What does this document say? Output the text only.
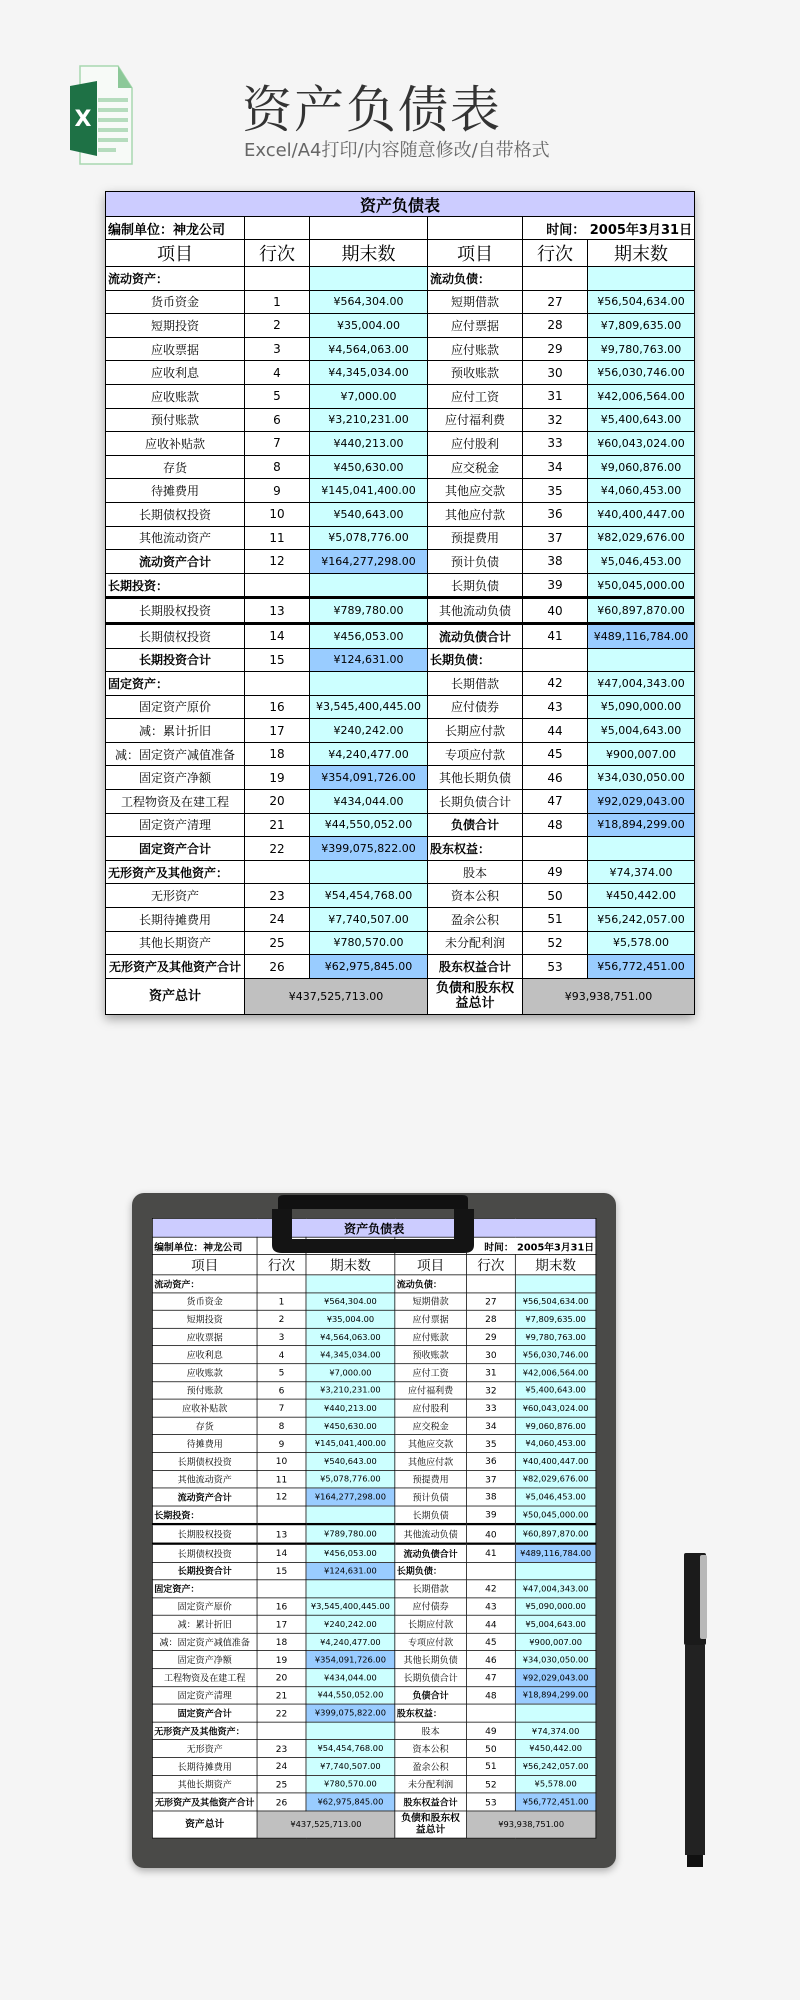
X	资产负债表
Excel/A4打印/内容随意修改/自带格式
资产负债表					
编制单位：神龙公司				时间： 2005年3月31日	
项目	行次	期末数	项目	行次	期末数
流动资产：			流动负债：		
货币资金	1	¥564,304.00	短期借款	27	¥56,504,634.00
短期投资	2	¥35,004.00	应付票据	28	¥7,809,635.00
应收票据	3	¥4,564,063.00	应付账款	29	¥9,780,763.00
应收利息	4	¥4,345,034.00	预收账款	30	¥56,030,746.00
应收账款	5	¥7,000.00	应付工资	31	¥42,006,564.00
预付账款	6	¥3,210,231.00	应付福利费	32	¥5,400,643.00
应收补贴款	7	¥440,213.00	应付股利	33	¥60,043,024.00
存货	8	¥450,630.00	应交税金	34	¥9,060,876.00
待摊费用	9	¥145,041,400.00	其他应交款	35	¥4,060,453.00
长期债权投资	10	¥540,643.00	其他应付款	36	¥40,400,447.00
其他流动资产	11	¥5,078,776.00	预提费用	37	¥82,029,676.00
流动资产合计	12	¥164,277,298.00	预计负债	38	¥5,046,453.00
长期投资：			长期负债	39	¥50,045,000.00
长期股权投资	13	¥789,780.00	其他流动负债	40	¥60,897,870.00
长期债权投资	14	¥456,053.00	流动负债合计	41	¥489,116,784.00
长期投资合计	15	¥124,631.00	长期负债：		
固定资产：			长期借款	42	¥47,004,343.00
固定资产原价	16	¥3,545,400,445.00	应付债券	43	¥5,090,000.00
减：累计折旧	17	¥240,242.00	长期应付款	44	¥5,004,643.00
减：固定资产减值准备	18	¥4,240,477.00	专项应付款	45	¥900,007.00
固定资产净额	19	¥354,091,726.00	其他长期负债	46	¥34,030,050.00
工程物资及在建工程	20	¥434,044.00	长期负债合计	47	¥92,029,043.00
固定资产清理	21	¥44,550,052.00	负债合计	48	¥18,894,299.00
固定资产合计	22	¥399,075,822.00	股东权益：		
无形资产及其他资产：			股本	49	¥74,374.00
无形资产	23	¥54,454,768.00	资本公积	50	¥450,442.00
长期待摊费用	24	¥7,740,507.00	盈余公积	51	¥56,242,057.00
其他长期资产	25	¥780,570.00	未分配利润	52	¥5,578.00
无形资产及其他资产合计	26	¥62,975,845.00	股东权益合计	53	¥56,772,451.00
资产总计	¥437,525,713.00		负债和股东权益总计	¥93,938,751.00	
资产负债表					
编制单位：神龙公司				时间： 2005年3月31日	
项目	行次	期末数	项目	行次	期末数
流动资产：			流动负债：		
货币资金	1	¥564,304.00	短期借款	27	¥56,504,634.00
短期投资	2	¥35,004.00	应付票据	28	¥7,809,635.00
应收票据	3	¥4,564,063.00	应付账款	29	¥9,780,763.00
应收利息	4	¥4,345,034.00	预收账款	30	¥56,030,746.00
应收账款	5	¥7,000.00	应付工资	31	¥42,006,564.00
预付账款	6	¥3,210,231.00	应付福利费	32	¥5,400,643.00
应收补贴款	7	¥440,213.00	应付股利	33	¥60,043,024.00
存货	8	¥450,630.00	应交税金	34	¥9,060,876.00
待摊费用	9	¥145,041,400.00	其他应交款	35	¥4,060,453.00
长期债权投资	10	¥540,643.00	其他应付款	36	¥40,400,447.00
其他流动资产	11	¥5,078,776.00	预提费用	37	¥82,029,676.00
流动资产合计	12	¥164,277,298.00	预计负债	38	¥5,046,453.00
长期投资：			长期负债	39	¥50,045,000.00
长期股权投资	13	¥789,780.00	其他流动负债	40	¥60,897,870.00
长期债权投资	14	¥456,053.00	流动负债合计	41	¥489,116,784.00
长期投资合计	15	¥124,631.00	长期负债：		
固定资产：			长期借款	42	¥47,004,343.00
固定资产原价	16	¥3,545,400,445.00	应付债券	43	¥5,090,000.00
减：累计折旧	17	¥240,242.00	长期应付款	44	¥5,004,643.00
减：固定资产减值准备	18	¥4,240,477.00	专项应付款	45	¥900,007.00
固定资产净额	19	¥354,091,726.00	其他长期负债	46	¥34,030,050.00
工程物资及在建工程	20	¥434,044.00	长期负债合计	47	¥92,029,043.00
固定资产清理	21	¥44,550,052.00	负债合计	48	¥18,894,299.00
固定资产合计	22	¥399,075,822.00	股东权益：		
无形资产及其他资产：			股本	49	¥74,374.00
无形资产	23	¥54,454,768.00	资本公积	50	¥450,442.00
长期待摊费用	24	¥7,740,507.00	盈余公积	51	¥56,242,057.00
其他长期资产	25	¥780,570.00	未分配利润	52	¥5,578.00
无形资产及其他资产合计	26	¥62,975,845.00	股东权益合计	53	¥56,772,451.00
资产总计	¥437,525,713.00		负债和股东权益总计	¥93,938,751.00	
